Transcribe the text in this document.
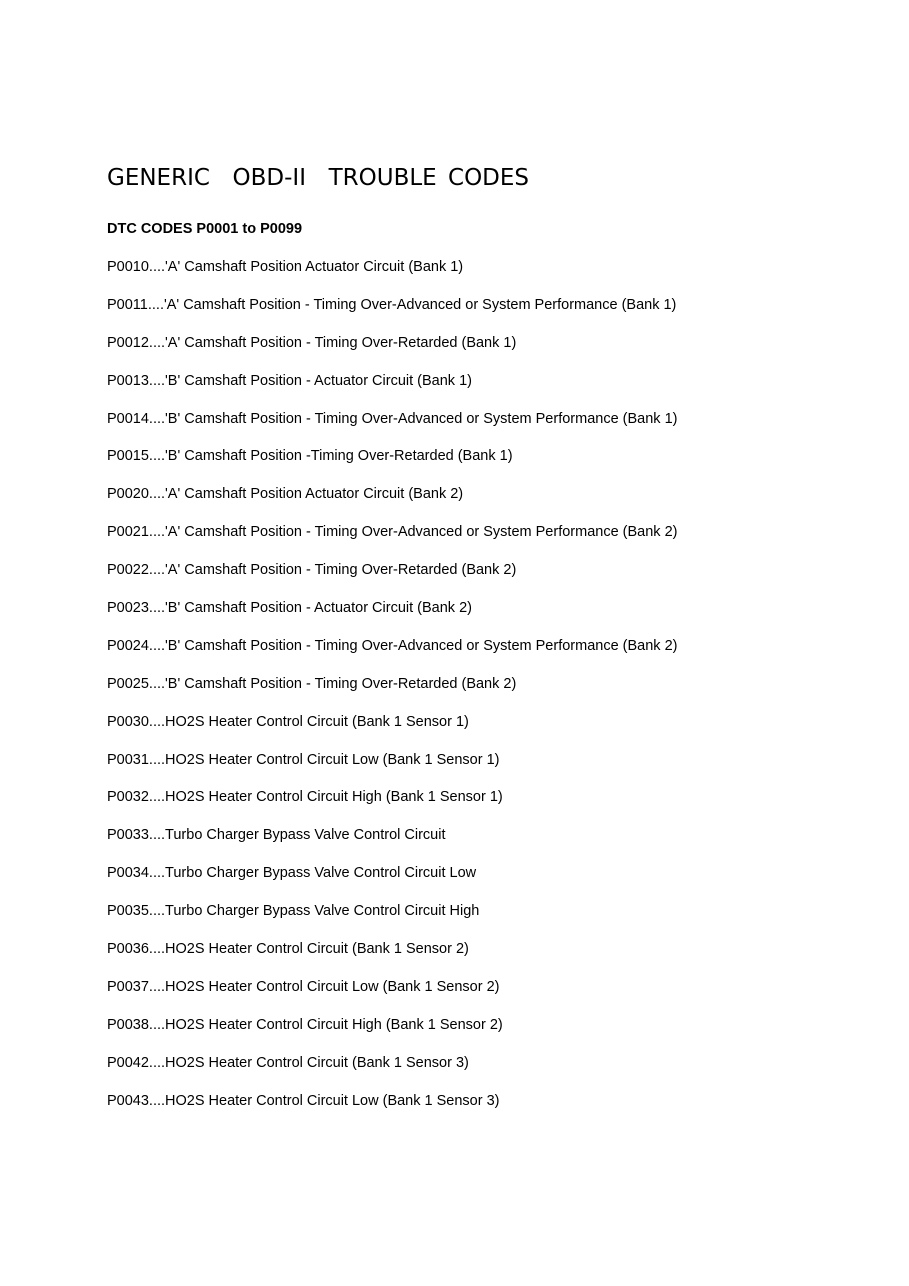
GENERIC  OBD-II  TROUBLE CODES
DTC CODES P0001 to P0099
P0010....'A' Camshaft Position Actuator Circuit (Bank 1)
P0011....'A' Camshaft Position - Timing Over-Advanced or System Performance (Bank 1)
P0012....'A' Camshaft Position - Timing Over-Retarded (Bank 1)
P0013....'B' Camshaft Position - Actuator Circuit (Bank 1)
P0014....'B' Camshaft Position - Timing Over-Advanced or System Performance (Bank 1)
P0015....'B' Camshaft Position -Timing Over-Retarded (Bank 1)
P0020....'A' Camshaft Position Actuator Circuit (Bank 2)
P0021....'A' Camshaft Position - Timing Over-Advanced or System Performance (Bank 2)
P0022....'A' Camshaft Position - Timing Over-Retarded (Bank 2)
P0023....'B' Camshaft Position - Actuator Circuit (Bank 2)
P0024....'B' Camshaft Position - Timing Over-Advanced or System Performance (Bank 2)
P0025....'B' Camshaft Position - Timing Over-Retarded (Bank 2)
P0030....HO2S Heater Control Circuit (Bank 1 Sensor 1)
P0031....HO2S Heater Control Circuit Low (Bank 1 Sensor 1)
P0032....HO2S Heater Control Circuit High (Bank 1 Sensor 1)
P0033....Turbo Charger Bypass Valve Control Circuit
P0034....Turbo Charger Bypass Valve Control Circuit Low
P0035....Turbo Charger Bypass Valve Control Circuit High
P0036....HO2S Heater Control Circuit (Bank 1 Sensor 2)
P0037....HO2S Heater Control Circuit Low (Bank 1 Sensor 2)
P0038....HO2S Heater Control Circuit High (Bank 1 Sensor 2)
P0042....HO2S Heater Control Circuit (Bank 1 Sensor 3)
P0043....HO2S Heater Control Circuit Low (Bank 1 Sensor 3)
